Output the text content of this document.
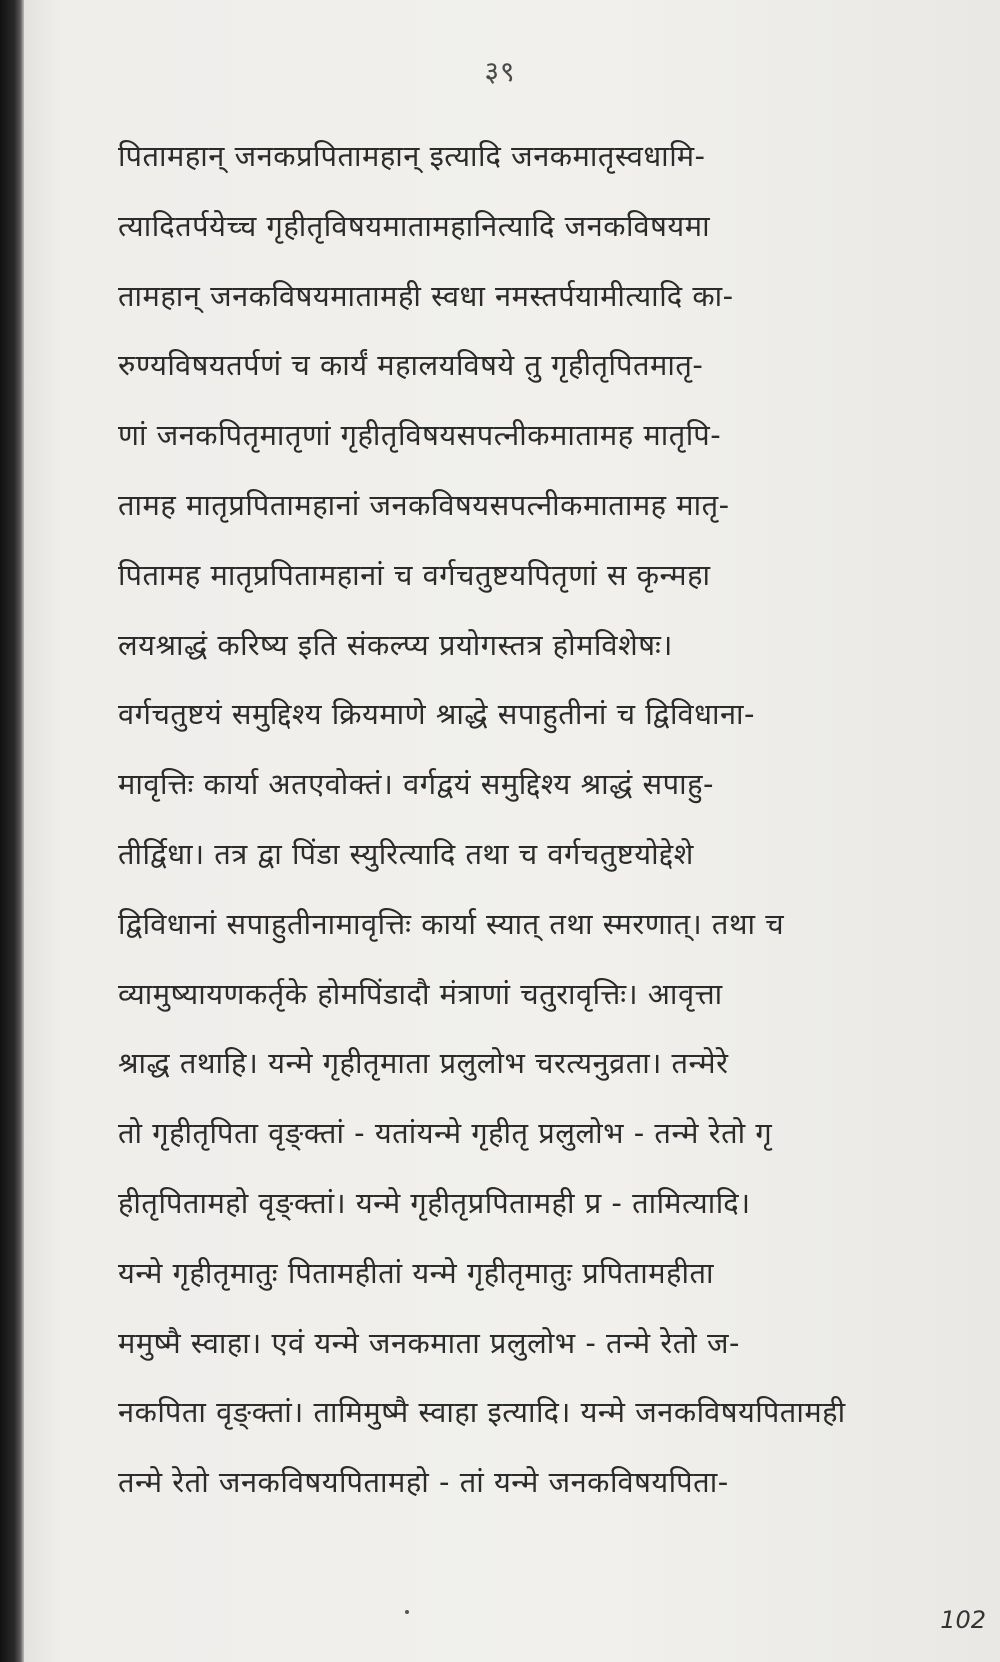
३९
पितामहान् जनकप्रपितामहान् इत्यादि जनकमातृस्वधामि-
त्यादितर्पयेच्च गृहीतृविषयमातामहानित्यादि जनकविषयमा
तामहान् जनकविषयमातामही स्वधा नमस्तर्पयामीत्यादि का-
रुण्यविषयतर्पणं च कार्यं महालयविषये तु गृहीतृपितमातृ-
णां जनकपितृमातृणां गृहीतृविषयसपत्नीकमातामह मातृपि-
तामह मातृप्रपितामहानां जनकविषयसपत्नीकमातामह मातृ-
पितामह मातृप्रपितामहानां च वर्गचतुष्टयपितृणां स कृन्महा
लयश्राद्धं करिष्य इति संकल्प्य प्रयोगस्तत्र होमविशेषः।
वर्गचतुष्टयं समुद्दिश्य क्रियमाणे श्राद्धे सपाहुतीनां च द्विविधाना-
मावृत्तिः कार्या अतएवोक्तं। वर्गद्वयं समुद्दिश्य श्राद्धं सपाहु-
तीर्द्विधा। तत्र द्वा पिंडा स्युरित्यादि तथा च वर्गचतुष्टयोद्देशे
द्विविधानां सपाहुतीनामावृत्तिः कार्या स्यात् तथा स्मरणात्। तथा च
व्यामुष्यायणकर्तृके होमपिंडादौ मंत्राणां चतुरावृत्तिः। आवृत्ता
श्राद्ध तथाहि। यन्मे गृहीतृमाता प्रलुलोभ चरत्यनुव्रता। तन्मेरे
तो गृहीतृपिता वृङ्क्तां - यतांयन्मे गृहीतृ प्रलुलोभ - तन्मे रेतो गृ
हीतृपितामहो वृङ्क्तां। यन्मे गृहीतृप्रपितामही प्र - तामित्यादि।
यन्मे गृहीतृमातुः पितामहीतां यन्मे गृहीतृमातुः प्रपितामहीता
ममुष्मै स्वाहा। एवं यन्मे जनकमाता प्रलुलोभ - तन्मे रेतो ज-
नकपिता वृङ्क्तां। तामिमुष्मै स्वाहा इत्यादि। यन्मे जनकविषयपितामही
तन्मे रेतो जनकविषयपितामहो - तां यन्मे जनकविषयपिता-
102
